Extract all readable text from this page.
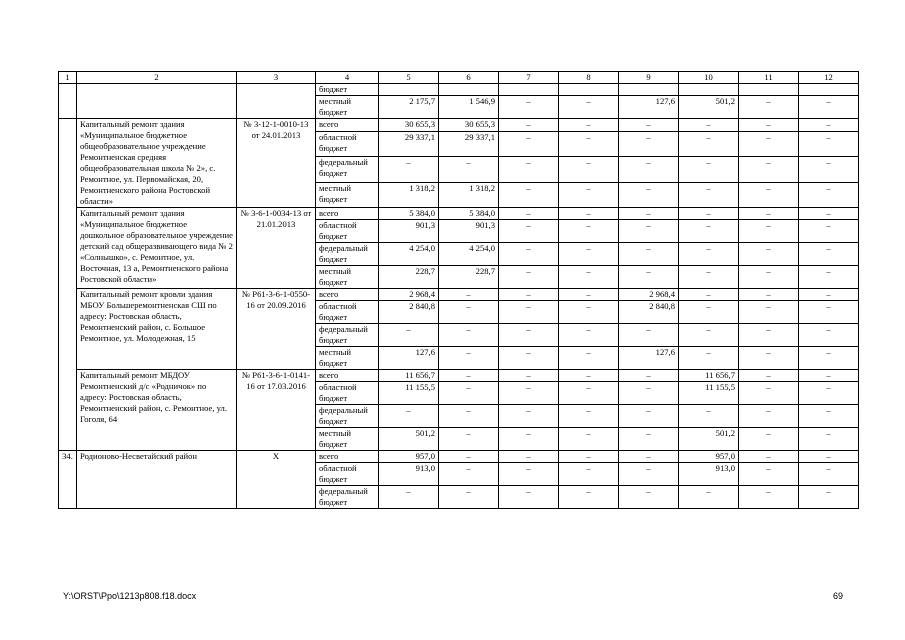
1	2	3	4	5	6	7	8	9	10	11	12
			бюджет								
			местный бюджет	2 175,7	1 546,9	–	–	127,6	501,2	–	–
	Капитальный ремонт здания «Муниципальное бюджетное общеобразовательное учреждение Ремонтненская средняя общеобразовательная школа № 2», с. Ремонтное, ул. Первомайская, 20, Ремонтненского района Ростовской области»	№ 3-12-1-0010-13 от 24.01.2013	всего	30 655,3	30 655,3	–	–	–	–	–	–
			областной бюджет	29 337,1	29 337,1	–	–	–	–	–	–
			федеральный бюджет	–	–	–	–	–	–	–	–
			местный бюджет	1 318,2	1 318,2	–	–	–	–	–	–
	Капитальный ремонт здания «Муниципальное бюджетное дошкольное образовательное учреждение детский сад общеразвивающего вида № 2 «Солнышко», с. Ремонтное, ул. Восточная, 13 а, Ремонтненского района Ростовской области»	№ 3-6-1-0034-13 от 21.01.2013	всего	5 384,0	5 384,0	–	–	–	–	–	–
			областной бюджет	901,3	901,3	–	–	–	–	–	–
			федеральный бюджет	4 254,0	4 254,0	–	–	–	–	–	–
			местный бюджет	228,7	228,7	–	–	–	–	–	–
	Капитальный ремонт кровли здания МБОУ Большеремонтненская СШ по адресу: Ростовская область, Ремонтненский район, с. Большое Ремонтное, ул. Молодежная, 15	№ Р61-3-6-1-0550-16 от 20.09.2016	всего	2 968,4	–	–	–	2 968,4	–	–	–
			областной бюджет	2 840,8	–	–	–	2 840,8	–	–	–
			федеральный бюджет	–	–	–	–	–	–	–	–
			местный бюджет	127,6	–	–	–	127,6	–	–	–
	Капитальный ремонт МБДОУ Ремонтненский д/с «Родничок» по адресу: Ростовская область, Ремонтненский район, с. Ремонтное, ул. Гоголя, 64	№ Р61-3-6-1-0141-16 от 17.03.2016	всего	11 656,7	–	–	–	–	11 656,7	–	–
			областной бюджет	11 155,5	–	–	–	–	11 155,5	–	–
			федеральный бюджет	–	–	–	–	–	–	–	–
			местный бюджет	501,2	–	–	–	–	501,2	–	–
34.	Родионово-Несветайский район	Х	всего	957,0	–	–	–	–	957,0	–	–
			областной бюджет	913,0	–	–	–	–	913,0	–	–
			федеральный бюджет	–	–	–	–	–	–	–	–
Y:\ORST\Ppo\1213p808.f18.docx	69
